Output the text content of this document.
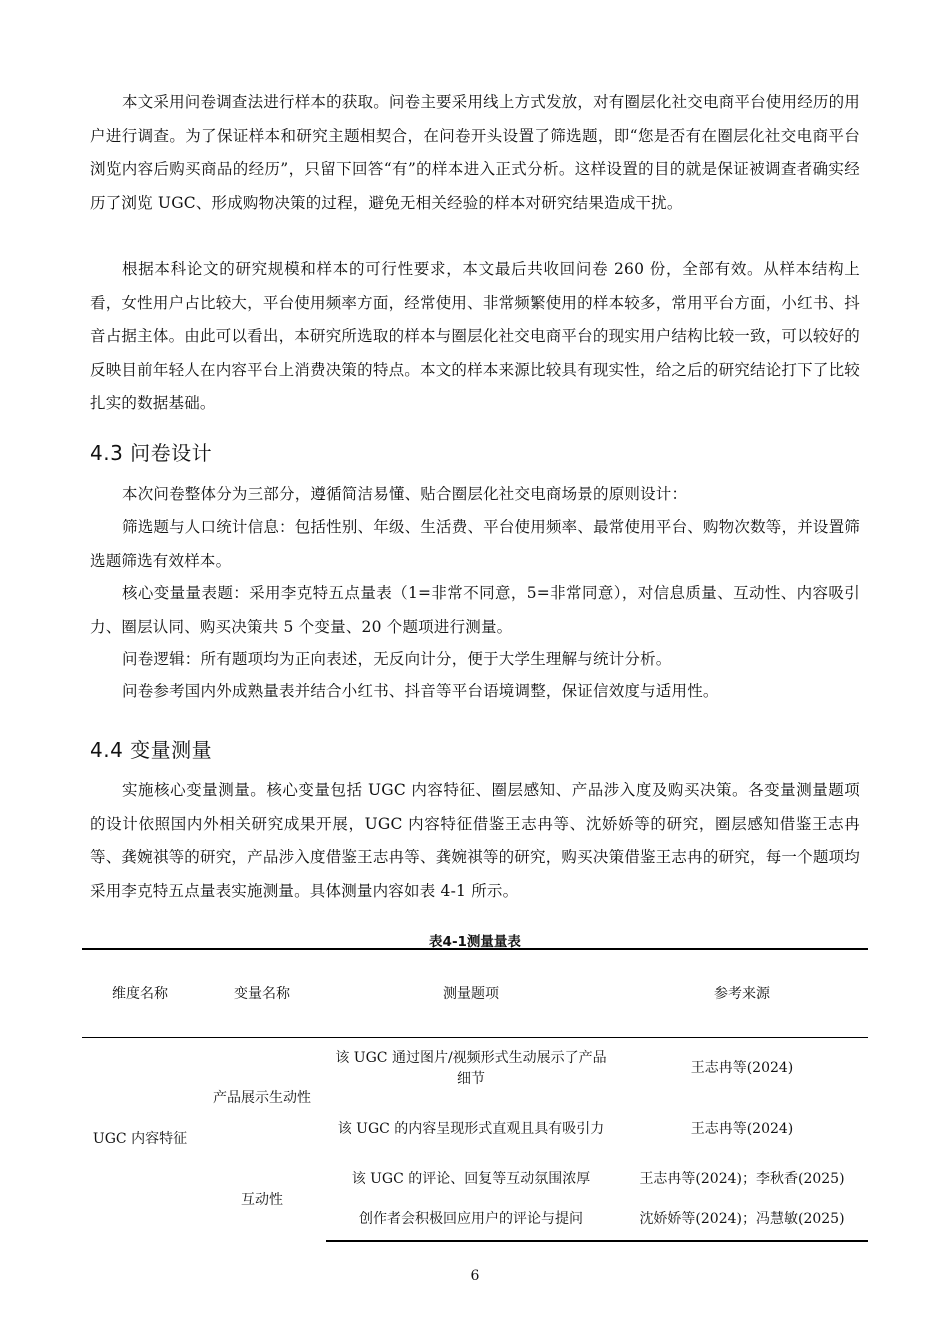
本文采用问卷调查法进行样本的获取。问卷主要采用线上方式发放，对有圈层化社交电商平台使用经历的用户进行调查。为了保证样本和研究主题相契合，在问卷开头设置了筛选题，即“您是否有在圈层化社交电商平台浏览内容后购买商品的经历”，只留下回答“有”的样本进入正式分析。这样设置的目的就是保证被调查者确实经历了浏览 UGC、形成购物决策的过程，避免无相关经验的样本对研究结果造成干扰。

根据本科论文的研究规模和样本的可行性要求，本文最后共收回问卷 260 份，全部有效。从样本结构上看，女性用户占比较大，平台使用频率方面，经常使用、非常频繁使用的样本较多，常用平台方面，小红书、抖音占据主体。由此可以看出，本研究所选取的样本与圈层化社交电商平台的现实用户结构比较一致，可以较好的反映目前年轻人在内容平台上消费决策的特点。本文的样本来源比较具有现实性，给之后的研究结论打下了比较扎实的数据基础。

4.3 问卷设计

本次问卷整体分为三部分，遵循简洁易懂、贴合圈层化社交电商场景的原则设计：

筛选题与人口统计信息：包括性别、年级、生活费、平台使用频率、最常使用平台、购物次数等，并设置筛选题筛选有效样本。

核心变量量表题：采用李克特五点量表（1=非常不同意，5=非常同意），对信息质量、互动性、内容吸引力、圈层认同、购买决策共 5 个变量、20 个题项进行测量。

问卷逻辑：所有题项均为正向表述，无反向计分，便于大学生理解与统计分析。

问卷参考国内外成熟量表并结合小红书、抖音等平台语境调整，保证信效度与适用性。

4.4 变量测量

实施核心变量测量。核心变量包括 UGC 内容特征、圈层感知、产品涉入度及购买决策。各变量测量题项的设计依照国内外相关研究成果开展，UGC 内容特征借鉴王志冉等、沈娇娇等的研究，圈层感知借鉴王志冉等、龚婉祺等的研究，产品涉入度借鉴王志冉等、龚婉祺等的研究，购买决策借鉴王志冉的研究，每一个题项均采用李克特五点量表实施测量。具体测量内容如表 4-1 所示。

表4-1测量量表

维度名称	变量名称	测量题项	参考来源
UGC 内容特征	产品展示生动性	该 UGC 通过图片/视频形式生动展示了产品细节	王志冉等(2024)
		该 UGC 的内容呈现形式直观且具有吸引力	王志冉等(2024)
	互动性	该 UGC 的评论、回复等互动氛围浓厚	王志冉等(2024)；李秋香(2025)
		创作者会积极回应用户的评论与提问	沈娇娇等(2024)；冯慧敏(2025)

6
